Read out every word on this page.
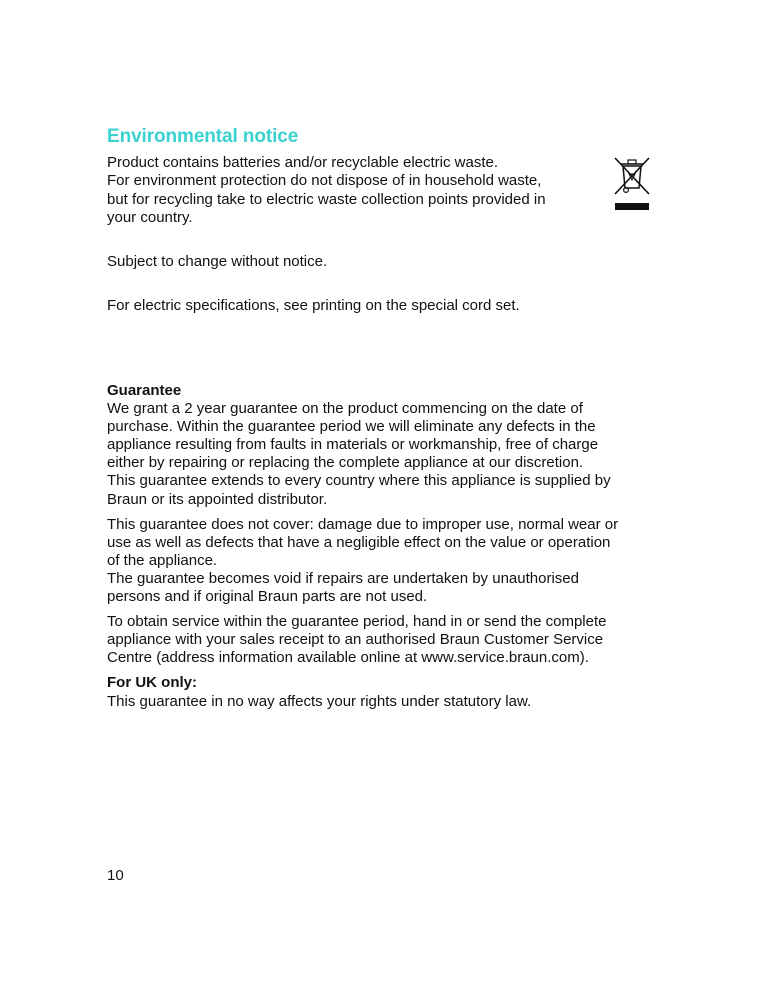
Environmental notice
Product contains batteries and/or recyclable electric waste.
For environment protection do not dispose of in household waste,
but for recycling take to electric waste collection points provided in
your country.
Subject to change without notice.
For electric specifications, see printing on the special cord set.
Guarantee
We grant a 2 year guarantee on the product commencing on the date of
purchase. Within the guarantee period we will eliminate any defects in the
appliance resulting from faults in materials or workmanship, free of charge
either by repairing or replacing the complete appliance at our discretion.
This guarantee extends to every country where this appliance is supplied by
Braun or its appointed distributor.
This guarantee does not cover: damage due to improper use, normal wear or
use as well as defects that have a negligible effect on the value or operation
of the appliance.
The guarantee becomes void if repairs are undertaken by unauthorised
persons and if original Braun parts are not used.
To obtain service within the guarantee period, hand in or send the complete
appliance with your sales receipt to an authorised Braun Customer Service
Centre (address information available online at www.service.braun.com).
For UK only:
This guarantee in no way affects your rights under statutory law.
10
